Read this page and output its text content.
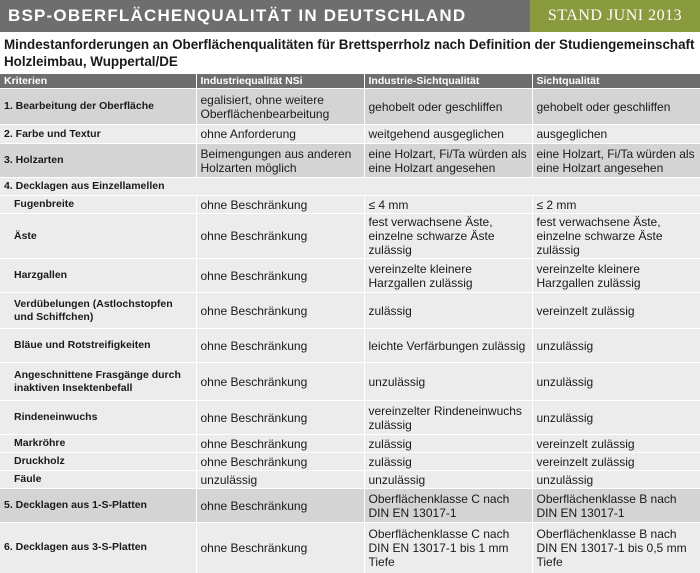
BSP-OBERFLÄCHENQUALITÄT IN DEUTSCHLAND	STAND JUNI 2013
Mindestanforderungen an Oberflächenqualitäten für Brettsperrholz nach Definition der Studiengemeinschaft Holzleimbau, Wuppertal/DE
Kriterien	Industriequalität NSi	Industrie-Sichtqualität	Sichtqualität
1. Bearbeitung der Oberfläche	egalisiert, ohne weitere Oberflächenbearbeitung	gehobelt oder geschliffen	gehobelt oder geschliffen
2. Farbe und Textur	ohne Anforderung	weitgehend ausgeglichen	ausgeglichen
3. Holzarten	Beimengungen aus anderen Holzarten möglich	eine Holzart, Fi/Ta würden als eine Holzart angesehen	eine Holzart, Fi/Ta würden als eine Holzart angesehen
4. Decklagen aus Einzellamellen			
Fugenbreite	ohne Beschränkung	≤ 4 mm	≤ 2 mm
Äste	ohne Beschränkung	fest verwachsene Äste, einzelne schwarze Äste zulässig	fest verwachsene Äste, einzelne schwarze Äste zulässig
Harzgallen	ohne Beschränkung	vereinzelte kleinere Harzgallen zulässig	vereinzelte kleinere Harzgallen zulässig
Verdübelungen (Astlochstopfen und Schiffchen)	ohne Beschränkung	zulässig	vereinzelt zulässig
Bläue und Rotstreifigkeiten	ohne Beschränkung	leichte Verfärbungen zulässig	unzulässig
Angeschnittene Frasgänge durch inaktiven Insektenbefall	ohne Beschränkung	unzulässig	unzulässig
Rindeneinwuchs	ohne Beschränkung	vereinzelter Rindeneinwuchs zulässig	unzulässig
Markröhre	ohne Beschränkung	zulässig	vereinzelt zulässig
Druckholz	ohne Beschränkung	zulässig	vereinzelt zulässig
Fäule	unzulässig	unzulässig	unzulässig
5. Decklagen aus 1-S-Platten	ohne Beschränkung	Oberflächenklasse C nach DIN EN 13017-1	Oberflächenklasse B nach DIN EN 13017-1
6. Decklagen aus 3-S-Platten	ohne Beschränkung	Oberflächenklasse C nach DIN EN 13017-1 bis 1 mm Tiefe	Oberflächenklasse B nach DIN EN 13017-1 bis 0,5 mm Tiefe
